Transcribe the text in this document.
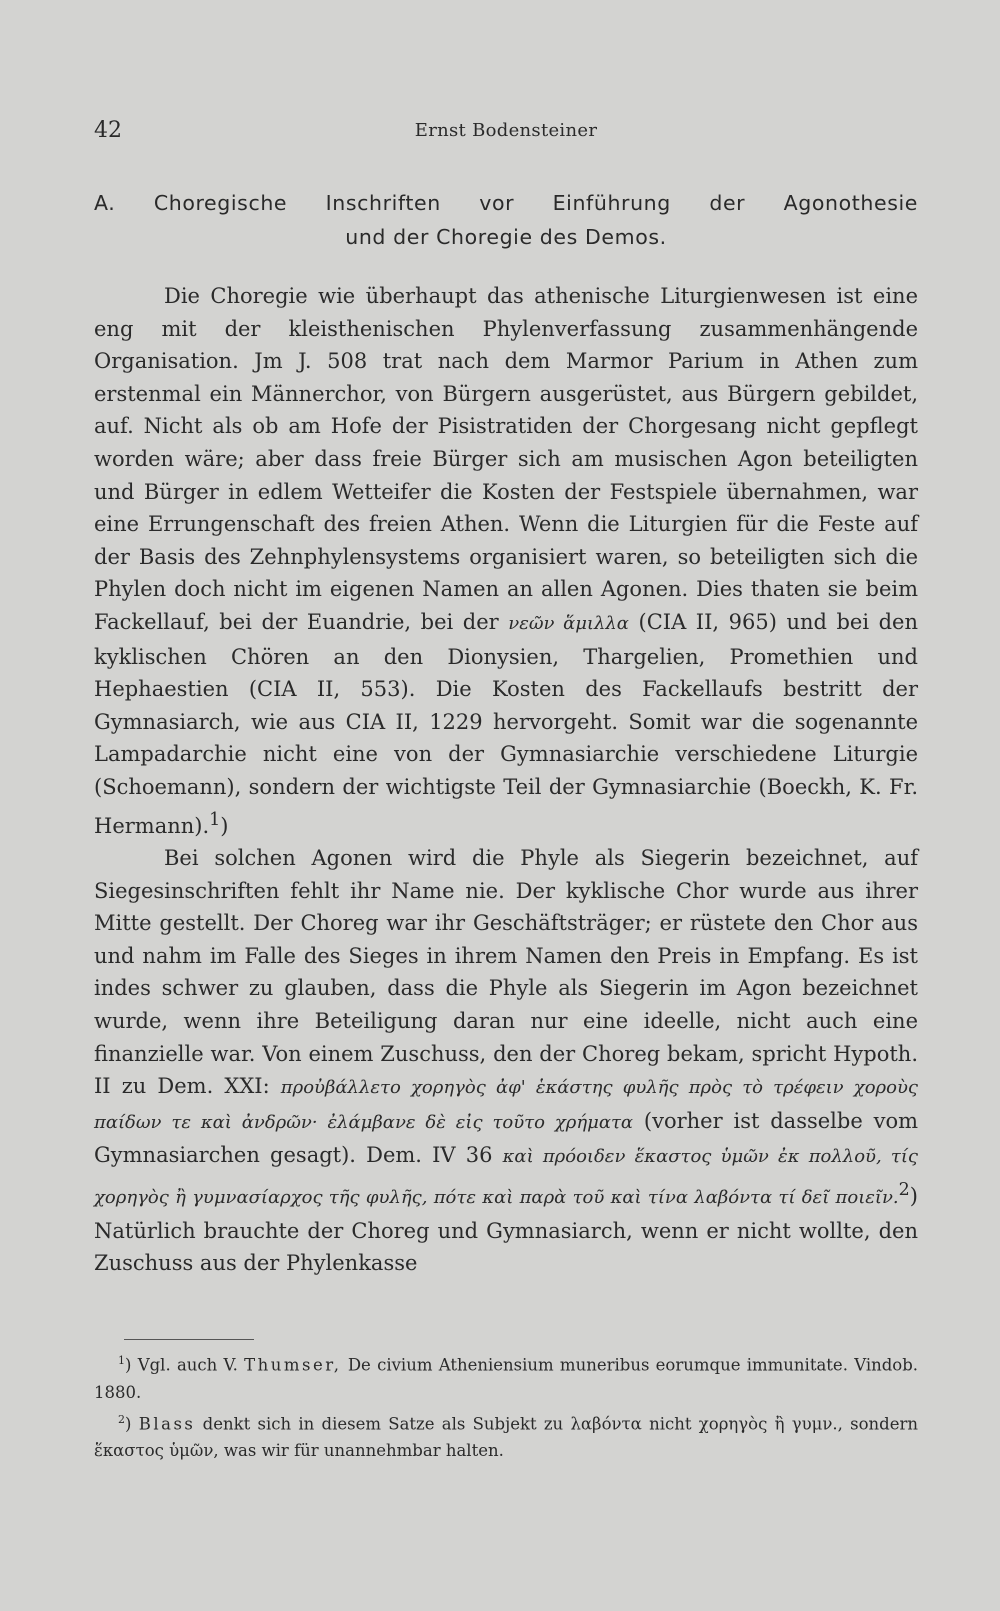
42	Ernst Bodensteiner
A. Choregische Inschriften vor Einführung der Agonothesie
und der Choregie des Demos.

Die Choregie wie überhaupt das athenische Liturgienwesen ist eine eng mit der kleisthenischen Phylenverfassung zusammenhängende Organisation. Jm J. 508 trat nach dem Marmor Parium in Athen zum erstenmal ein Männerchor, von Bürgern ausgerüstet, aus Bürgern gebildet, auf. Nicht als ob am Hofe der Pisistratiden der Chorgesang nicht gepflegt worden wäre; aber dass freie Bürger sich am musischen Agon beteiligten und Bürger in edlem Wetteifer die Kosten der Festspiele übernahmen, war eine Errungenschaft des freien Athen. Wenn die Liturgien für die Feste auf der Basis des Zehnphylensystems organisiert waren, so beteiligten sich die Phylen doch nicht im eigenen Namen an allen Agonen. Dies thaten sie beim Fackellauf, bei der Euandrie, bei der νεῶν ἅμιλλα (CIA II, 965) und bei den kyklischen Chören an den Dionysien, Thargelien, Promethien und Hephaestien (CIA II, 553). Die Kosten des Fackellaufs bestritt der Gymnasiarch, wie aus CIA II, 1229 hervorgeht. Somit war die sogenannte Lampadarchie nicht eine von der Gymnasiarchie verschiedene Liturgie (Schoemann), sondern der wichtigste Teil der Gymnasiarchie (Boeckh, K. Fr. Hermann).$^1$)

Bei solchen Agonen wird die Phyle als Siegerin bezeichnet, auf Siegesinschriften fehlt ihr Name nie. Der kyklische Chor wurde aus ihrer Mitte gestellt. Der Choreg war ihr Geschäftsträger; er rüstete den Chor aus und nahm im Falle des Sieges in ihrem Namen den Preis in Empfang. Es ist indes schwer zu glauben, dass die Phyle als Siegerin im Agon bezeichnet wurde, wenn ihre Beteiligung daran nur eine ideelle, nicht auch eine finanzielle war. Von einem Zuschuss, den der Choreg bekam, spricht Hypoth. II zu Dem. XXI: προὐβάλλετο χορηγὸς ἀφ' ἑκάστης φυλῆς πρὸς τὸ τρέφειν χοροὺς παίδων τε καὶ ἀνδρῶν· ἐλάμβανε δὲ εἰς τοῦτο χρήματα (vorher ist dasselbe vom Gymnasiarchen gesagt). Dem. IV 36 καὶ πρόοιδεν ἕκαστος ὑμῶν ἐκ πολλοῦ, τίς χορηγὸς ἢ γυμνασίαρχος τῆς φυλῆς, πότε καὶ παρὰ τοῦ καὶ τίνα λαβόντα τί δεῖ ποιεῖν.$^2$) Natürlich brauchte der Choreg und Gymnasiarch, wenn er nicht wollte, den Zuschuss aus der Phylenkasse

$^1$) Vgl. auch V. Thumser, De civium Atheniensium muneribus eorumque immunitate. Vindob. 1880.

$^2$) Blass denkt sich in diesem Satze als Subjekt zu λαβόντα nicht χορηγὸς ἢ γυμν., sondern ἕκαστος ὑμῶν, was wir für unannehmbar halten.
